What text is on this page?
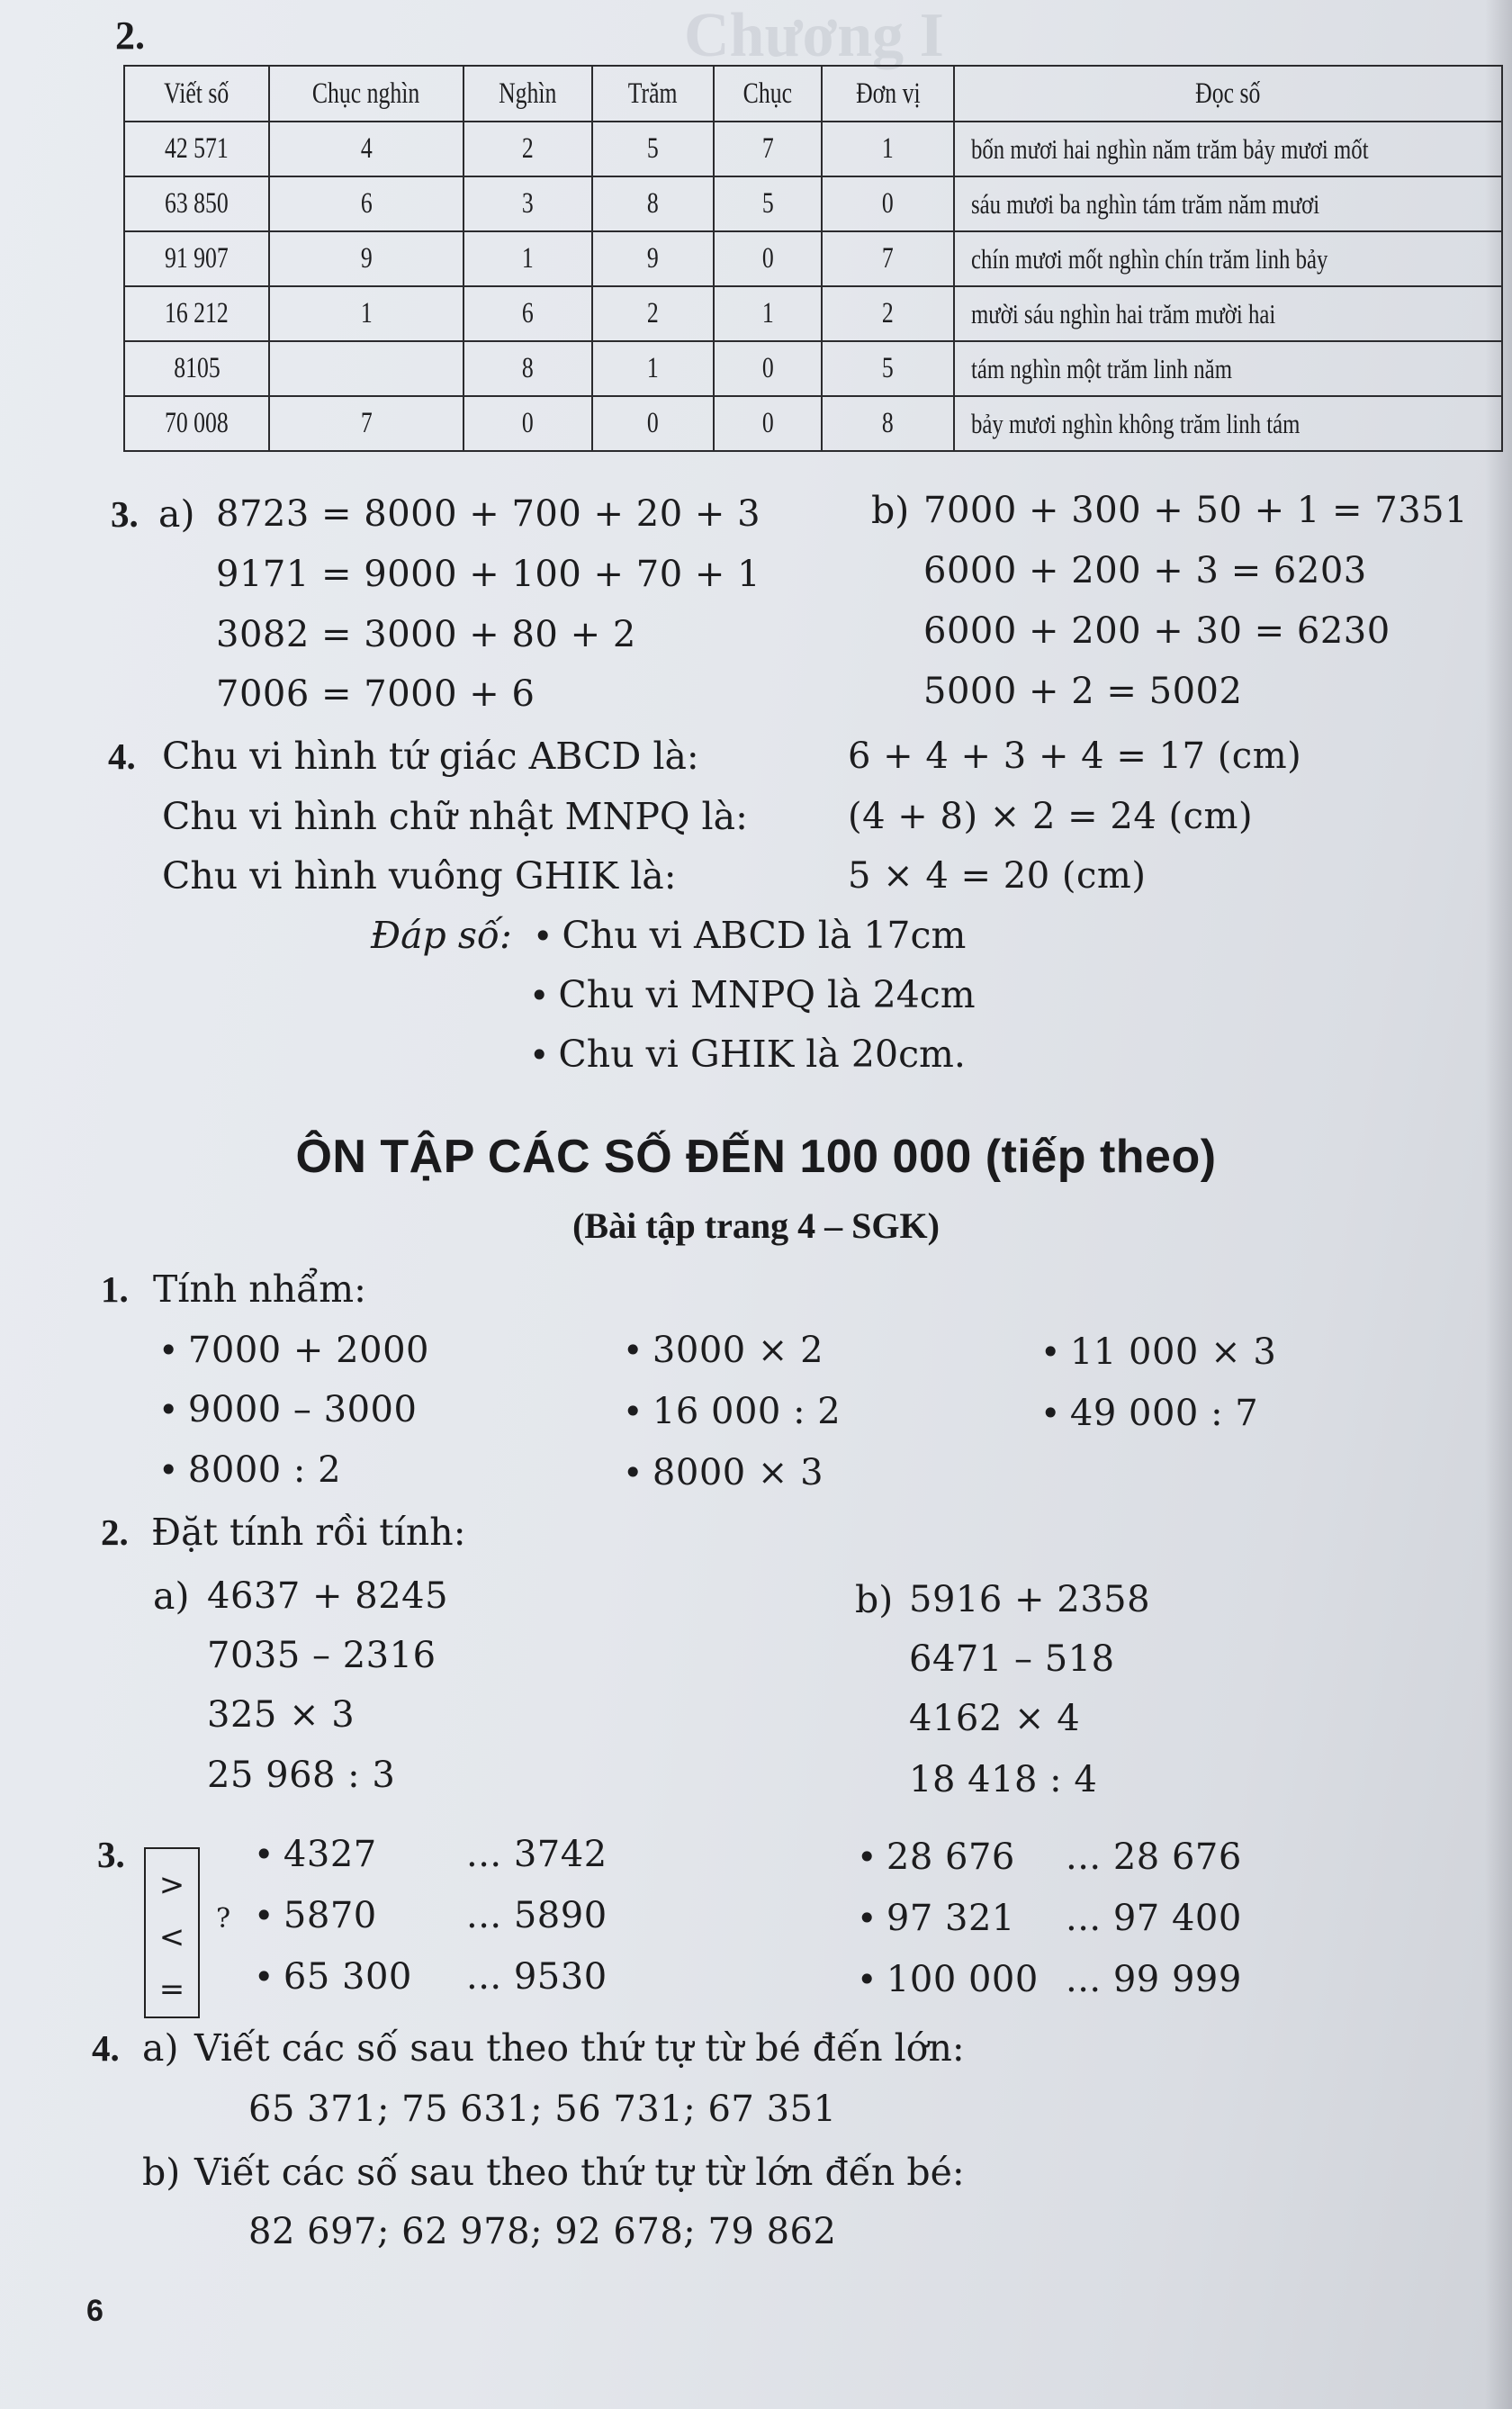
Chương I
2.
Viết số	Chục nghìn	Nghìn	Trăm	Chục	Đơn vị	Đọc số
42 571	4	2	5	7	1	bốn mươi hai nghìn năm trăm bảy mươi mốt
63 850	6	3	8	5	0	sáu mươi ba nghìn tám trăm năm mươi
91 907	9	1	9	0	7	chín mươi mốt nghìn chín trăm linh bảy
16 212	1	6	2	1	2	mười sáu nghìn hai trăm mười hai
8105		8	1	0	5	tám nghìn một trăm linh năm
70 008	7	0	0	0	8	bảy mươi nghìn không trăm linh tám
3. a) 8723 = 8000 + 700 + 20 + 3
9171 = 9000 + 100 + 70 + 1
3082 = 3000 + 80 + 2
7006 = 7000 + 6
b) 7000 + 300 + 50 + 1 = 7351
6000 + 200 + 3 = 6203
6000 + 200 + 30 = 6230
5000 + 2 = 5002
4. Chu vi hình tứ giác ABCD là:	6 + 4 + 3 + 4 = 17 (cm)
Chu vi hình chữ nhật MNPQ là:	(4 + 8) × 2 = 24 (cm)
Chu vi hình vuông GHIK là:	5 × 4 = 20 (cm)
Đáp số:	• Chu vi ABCD là 17cm
• Chu vi MNPQ là 24cm
• Chu vi GHIK là 20cm.
ÔN TẬP CÁC SỐ ĐẾN 100 000 (tiếp theo)
(Bài tập trang 4 – SGK)
1. Tính nhẩm:
• 7000 + 2000	• 3000 × 2	• 11 000 × 3
• 9000 – 3000	• 16 000 : 2	• 49 000 : 7
• 8000 : 2	• 8000 × 3
2. Đặt tính rồi tính:
a) 4637 + 8245
7035 – 2316
325 × 3
25 968 : 3
b) 5916 + 2358
6471 – 518
4162 × 4
18 418 : 4
3.
>
<
=
?
• 4327 ... 3742
• 5870 ... 5890
• 65 300 ... 9530
• 28 676 ... 28 676
• 97 321 ... 97 400
• 100 000 ... 99 999
4. a) Viết các số sau theo thứ tự từ bé đến lớn:
65 371; 75 631; 56 731; 67 351
b) Viết các số sau theo thứ tự từ lớn đến bé:
82 697; 62 978; 92 678; 79 862
6
